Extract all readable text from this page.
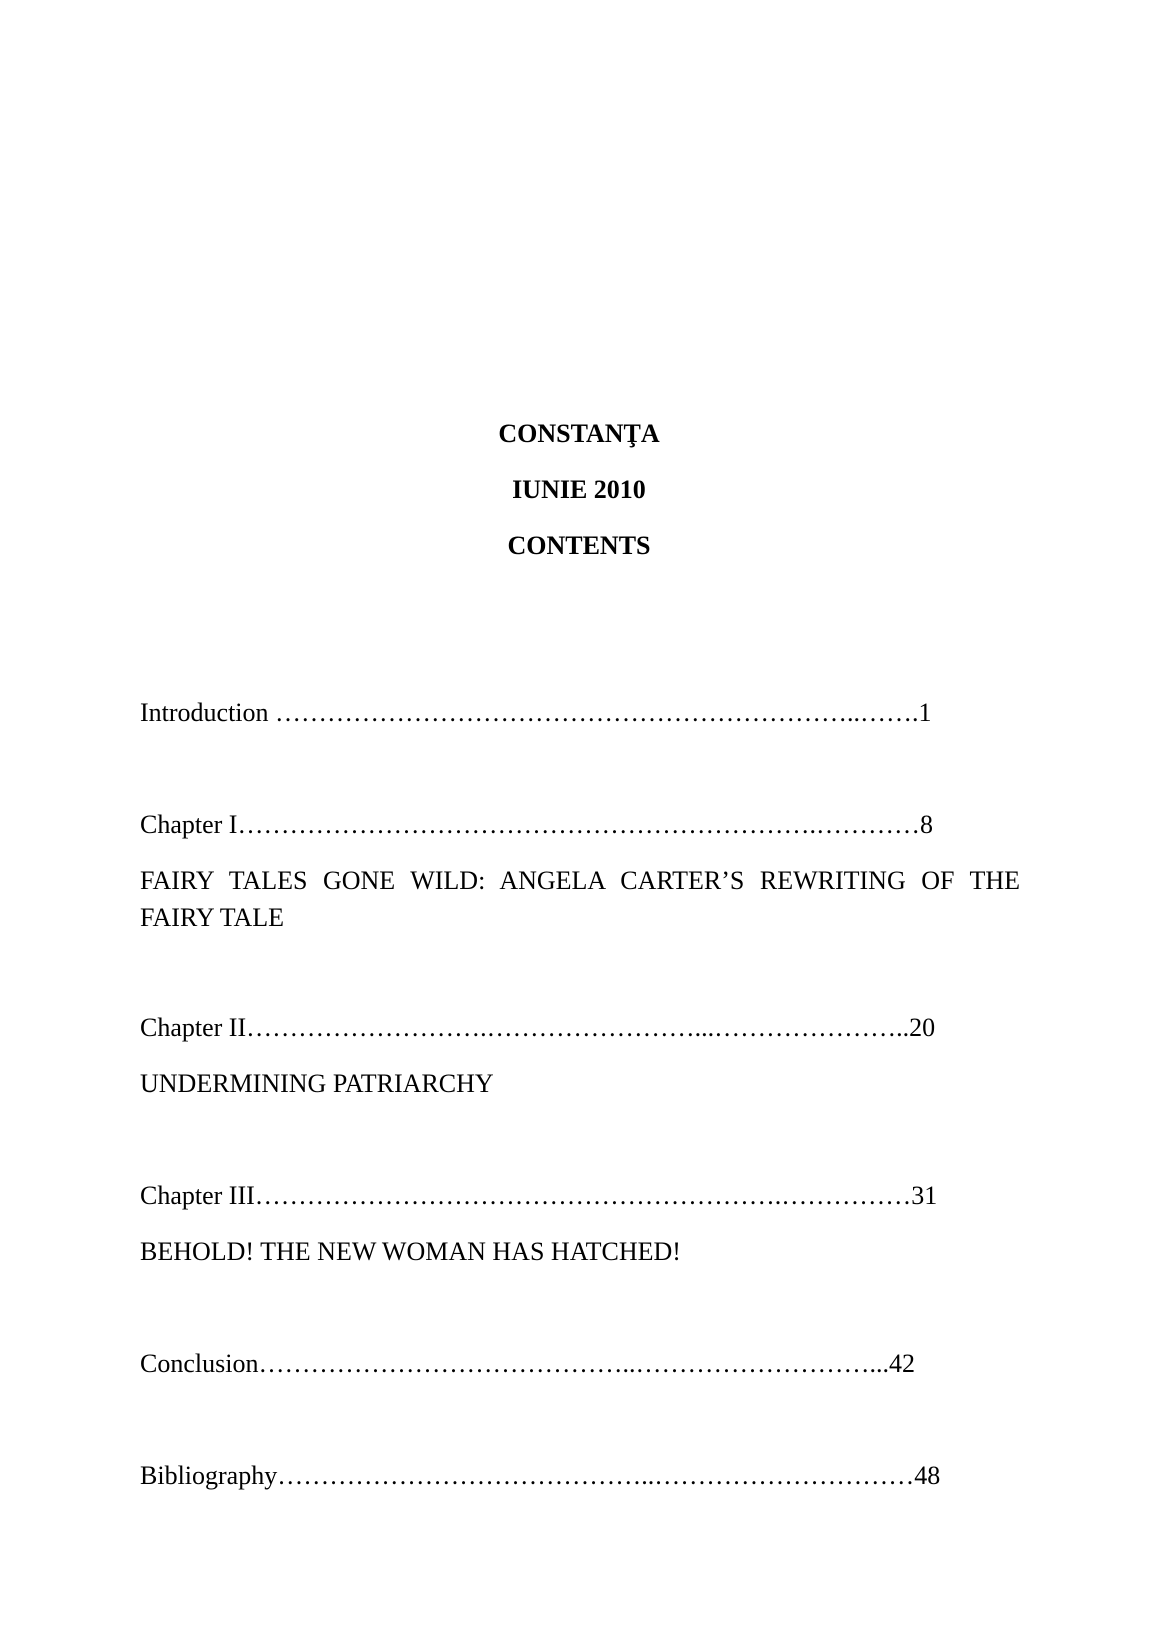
CONSTANŢA

IUNIE 2010

CONTENTS

Introduction …………………………………………………………..…….1

Chapter I………………………………………………………….…………8

FAIRY TALES GONE WILD: ANGELA CARTER’S REWRITING OF THE FAIRY TALE

Chapter II……………………….……………………...…………………..20

UNDERMINING PATRIARCHY

Chapter III…………………………………………………….……………31

BEHOLD! THE NEW WOMAN HAS HATCHED!

Conclusion……………………………………..………………………...42

Bibliography……………………………………..…………………………48
